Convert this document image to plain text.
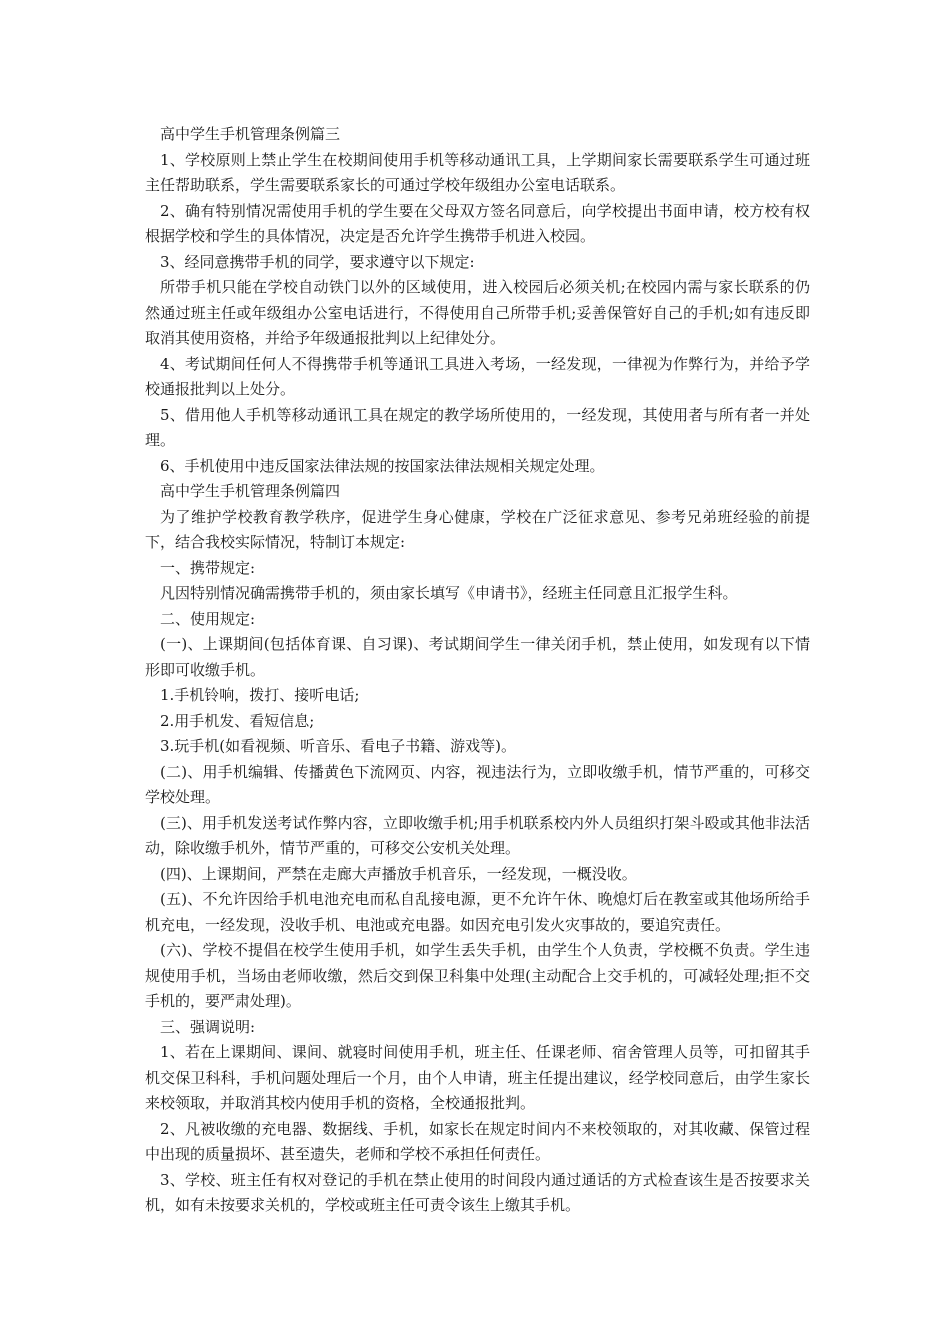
高中学生手机管理条例篇三

1、学校原则上禁止学生在校期间使用手机等移动通讯工具，上学期间家长需要联系学生可通过班主任帮助联系，学生需要联系家长的可通过学校年级组办公室电话联系。

2、确有特别情况需使用手机的学生要在父母双方签名同意后，向学校提出书面申请，校方校有权根据学校和学生的具体情况，决定是否允许学生携带手机进入校园。

3、经同意携带手机的同学，要求遵守以下规定:

所带手机只能在学校自动铁门以外的区域使用，进入校园后必须关机;在校园内需与家长联系的仍然通过班主任或年级组办公室电话进行，不得使用自己所带手机;妥善保管好自己的手机;如有违反即取消其使用资格，并给予年级通报批判以上纪律处分。

4、考试期间任何人不得携带手机等通讯工具进入考场，一经发现，一律视为作弊行为，并给予学校通报批判以上处分。

5、借用他人手机等移动通讯工具在规定的教学场所使用的，一经发现，其使用者与所有者一并处理。

6、手机使用中违反国家法律法规的按国家法律法规相关规定处理。

高中学生手机管理条例篇四

为了维护学校教育教学秩序，促进学生身心健康，学校在广泛征求意见、参考兄弟班经验的前提下，结合我校实际情况，特制订本规定:

一、携带规定:

凡因特别情况确需携带手机的，须由家长填写《申请书》，经班主任同意且汇报学生科。

二、使用规定:

(一)、上课期间(包括体育课、自习课)、考试期间学生一律关闭手机，禁止使用，如发现有以下情形即可收缴手机。

1.手机铃响，拨打、接听电话;

2.用手机发、看短信息;

3.玩手机(如看视频、听音乐、看电子书籍、游戏等)。

(二)、用手机编辑、传播黄色下流网页、内容，视违法行为，立即收缴手机，情节严重的，可移交学校处理。

(三)、用手机发送考试作弊内容，立即收缴手机;用手机联系校内外人员组织打架斗殴或其他非法活动，除收缴手机外，情节严重的，可移交公安机关处理。

(四)、上课期间，严禁在走廊大声播放手机音乐，一经发现，一概没收。

(五)、不允许因给手机电池充电而私自乱接电源，更不允许午休、晚熄灯后在教室或其他场所给手机充电，一经发现，没收手机、电池或充电器。如因充电引发火灾事故的，要追究责任。

(六)、学校不提倡在校学生使用手机，如学生丢失手机，由学生个人负责，学校概不负责。学生违规使用手机，当场由老师收缴，然后交到保卫科集中处理(主动配合上交手机的，可减轻处理;拒不交手机的，要严肃处理)。

三、强调说明:

1、若在上课期间、课间、就寝时间使用手机，班主任、任课老师、宿舍管理人员等，可扣留其手机交保卫科科，手机问题处理后一个月，由个人申请，班主任提出建议，经学校同意后，由学生家长来校领取，并取消其校内使用手机的资格，全校通报批判。

2、凡被收缴的充电器、数据线、手机，如家长在规定时间内不来校领取的，对其收藏、保管过程中出现的质量损坏、甚至遗失，老师和学校不承担任何责任。

3、学校、班主任有权对登记的手机在禁止使用的时间段内通过通话的方式检查该生是否按要求关机，如有未按要求关机的，学校或班主任可责令该生上缴其手机。
